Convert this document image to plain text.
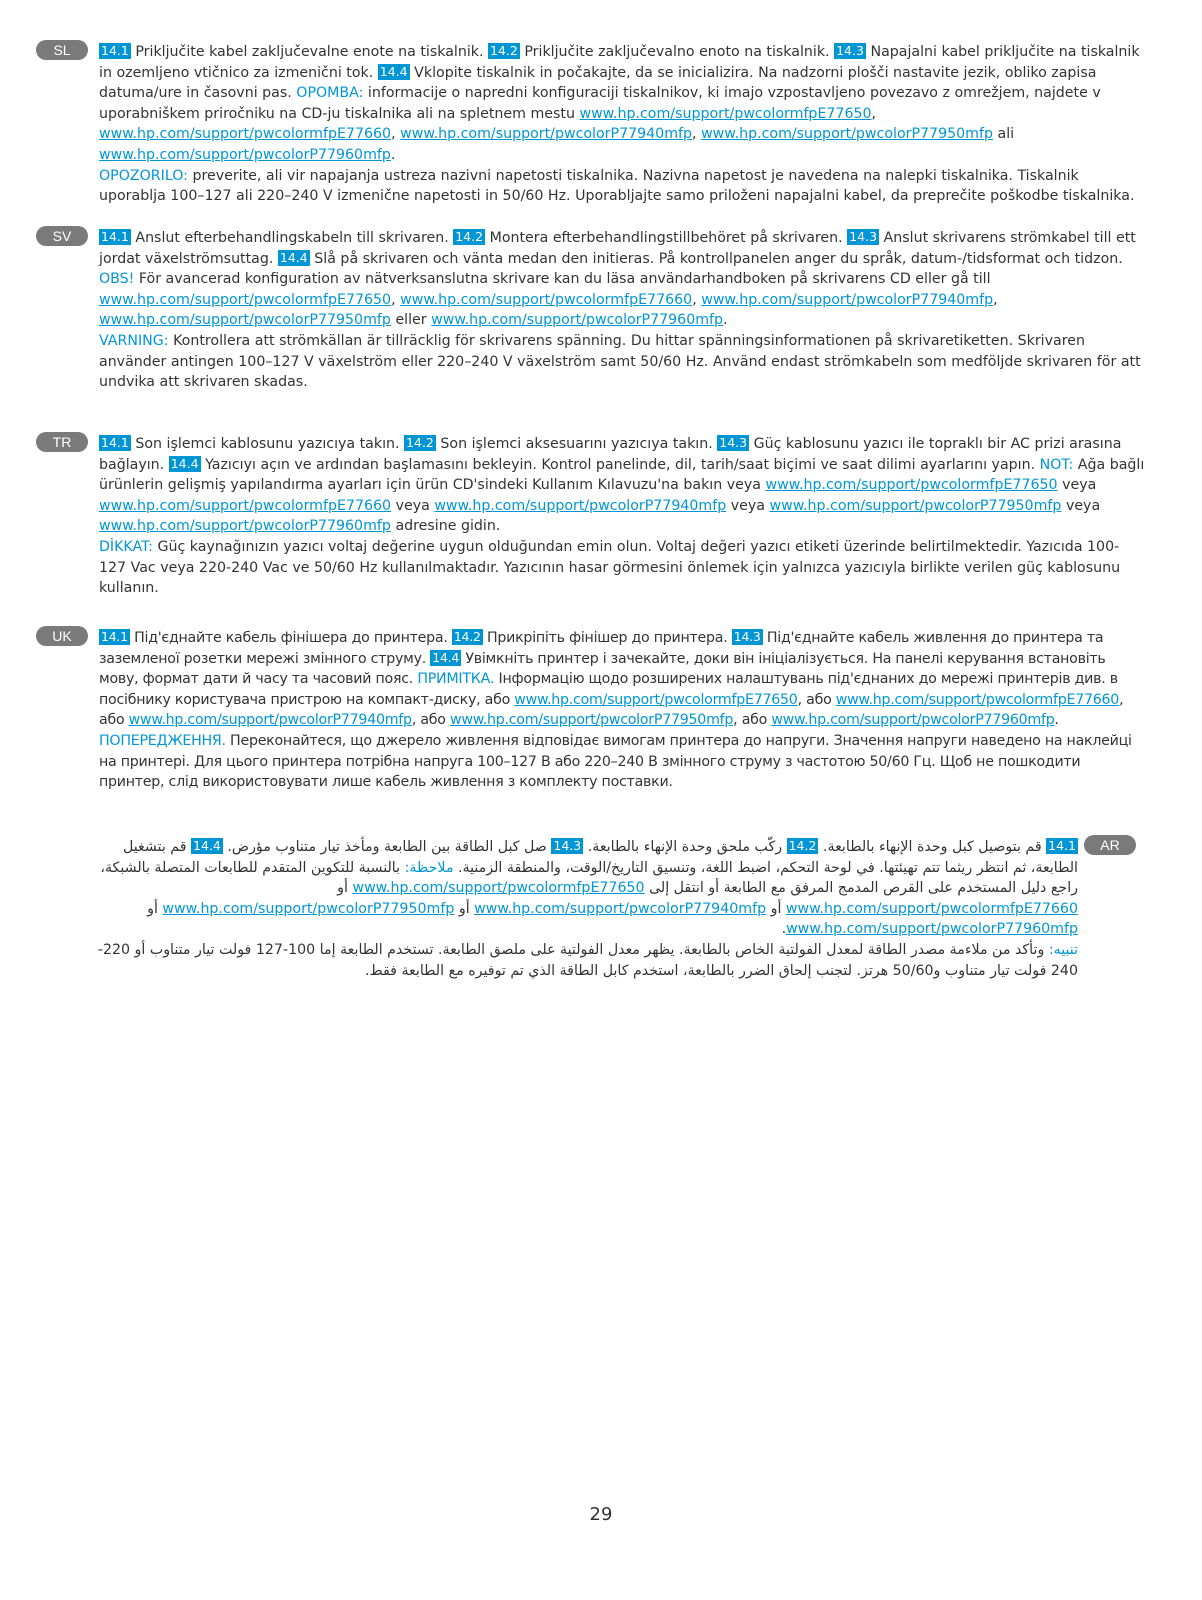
SL	14.1 Priključite kabel zaključevalne enote na tiskalnik. 14.2 Priključite zaključevalno enoto na tiskalnik. 14.3 Napajalni kabel priključite na tiskalnik in ozemljeno vtičnico za izmenični tok. 14.4 Vklopite tiskalnik in počakajte, da se inicializira. Na nadzorni plošči nastavite jezik, obliko zapisa datuma/ure in časovni pas. OPOMBA: informacije o napredni konfiguraciji tiskalnikov, ki imajo vzpostavljeno povezavo z omrežjem, najdete v uporabniškem priročniku na CD-ju tiskalnika ali na spletnem mestu www.hp.com/support/pwcolormfpE77650, www.hp.com/support/pwcolormfpE77660, www.hp.com/support/pwcolorP77940mfp, www.hp.com/support/pwcolorP77950mfp ali www.hp.com/support/pwcolorP77960mfp.
OPOZORILO: preverite, ali vir napajanja ustreza nazivni napetosti tiskalnika. Nazivna napetost je navedena na nalepki tiskalnika. Tiskalnik uporablja 100–127 ali 220–240 V izmenične napetosti in 50/60 Hz. Uporabljajte samo priloženi napajalni kabel, da preprečite poškodbe tiskalnika.

SV	14.1 Anslut efterbehandlingskabeln till skrivaren. 14.2 Montera efterbehandlingstillbehöret på skrivaren. 14.3 Anslut skrivarens strömkabel till ett jordat växelströmsuttag. 14.4 Slå på skrivaren och vänta medan den initieras. På kontrollpanelen anger du språk, datum-/tidsformat och tidzon.
OBS! För avancerad konfiguration av nätverksanslutna skrivare kan du läsa användarhandboken på skrivarens CD eller gå till www.hp.com/support/pwcolormfpE77650, www.hp.com/support/pwcolormfpE77660, www.hp.com/support/pwcolorP77940mfp, www.hp.com/support/pwcolorP77950mfp eller www.hp.com/support/pwcolorP77960mfp.
VARNING: Kontrollera att strömkällan är tillräcklig för skrivarens spänning. Du hittar spänningsinformationen på skrivaretiketten. Skrivaren använder antingen 100–127 V växelström eller 220–240 V växelström samt 50/60 Hz. Använd endast strömkabeln som medföljde skrivaren för att undvika att skrivaren skadas.

TR	14.1 Son işlemci kablosunu yazıcıya takın. 14.2 Son işlemci aksesuarını yazıcıya takın. 14.3 Güç kablosunu yazıcı ile topraklı bir AC prizi arasına bağlayın. 14.4 Yazıcıyı açın ve ardından başlamasını bekleyin. Kontrol panelinde, dil, tarih/saat biçimi ve saat dilimi ayarlarını yapın. NOT: Ağa bağlı ürünlerin gelişmiş yapılandırma ayarları için ürün CD'sindeki Kullanım Kılavuzu'na bakın veya www.hp.com/support/pwcolormfpE77650 veya www.hp.com/support/pwcolormfpE77660 veya www.hp.com/support/pwcolorP77940mfp veya www.hp.com/support/pwcolorP77950mfp veya www.hp.com/support/pwcolorP77960mfp adresine gidin.
DİKKAT: Güç kaynağınızın yazıcı voltaj değerine uygun olduğundan emin olun. Voltaj değeri yazıcı etiketi üzerinde belirtilmektedir. Yazıcıda 100-127 Vac veya 220-240 Vac ve 50/60 Hz kullanılmaktadır. Yazıcının hasar görmesini önlemek için yalnızca yazıcıyla birlikte verilen güç kablosunu kullanın.

UK	14.1 Під'єднайте кабель фінішера до принтера. 14.2 Прикріпіть фінішер до принтера. 14.3 Під'єднайте кабель живлення до принтера та заземленої розетки мережі змінного струму. 14.4 Увімкніть принтер і зачекайте, доки він ініціалізується. На панелі керування встановіть мову, формат дати й часу та часовий пояс. ПРИМІТКА. Інформацію щодо розширених налаштувань під'єднаних до мережі принтерів див. в посібнику користувача пристрою на компакт-диску, або www.hp.com/support/pwcolormfpE77650, або www.hp.com/support/pwcolormfpE77660, або www.hp.com/support/pwcolorP77940mfp, або www.hp.com/support/pwcolorP77950mfp, або www.hp.com/support/pwcolorP77960mfp.
ПОПЕРЕДЖЕННЯ. Переконайтеся, що джерело живлення відповідає вимогам принтера до напруги. Значення напруги наведено на наклейці на принтері. Для цього принтера потрібна напруга 100–127 В або 220–240 В змінного струму з частотою 50/60 Гц. Щоб не пошкодити принтер, слід використовувати лише кабель живлення з комплекту поставки.

AR

14.1 قم بتوصيل كبل وحدة الإنهاء بالطابعة. 14.2 ركّب ملحق وحدة الإنهاء بالطابعة. 14.3 صل كبل الطاقة بين الطابعة ومأخذ تيار متناوب مؤرض. 14.4 قم بتشغيل الطابعة، ثم انتظر ريثما تتم تهيئتها. في لوحة التحكم، اضبط اللغة، وتنسيق التاريخ/الوقت، والمنطقة الزمنية. ملاحظة: بالنسبة للتكوين المتقدم للطابعات المتصلة بالشبكة، راجع دليل المستخدم على القرص المدمج المرفق مع الطابعة أو انتقل إلى www.hp.com/support/pwcolormfpE77650 أو www.hp.com/support/pwcolormfpE77660 أو www.hp.com/support/pwcolorP77940mfp أو www.hp.com/support/pwcolorP77950mfp أو www.hp.com/support/pwcolorP77960mfp.
تنبيه: وتأكد من ملاءمة مصدر الطاقة لمعدل الفولتية الخاص بالطابعة. يظهر معدل الفولتية على ملصق الطابعة. تستخدم الطابعة إما 100-127 فولت تيار متناوب أو 220-240 فولت تيار متناوب و50/60 هرتز. لتجنب إلحاق الضرر بالطابعة، استخدم كابل الطاقة الذي تم توفيره مع الطابعة فقط.

29
